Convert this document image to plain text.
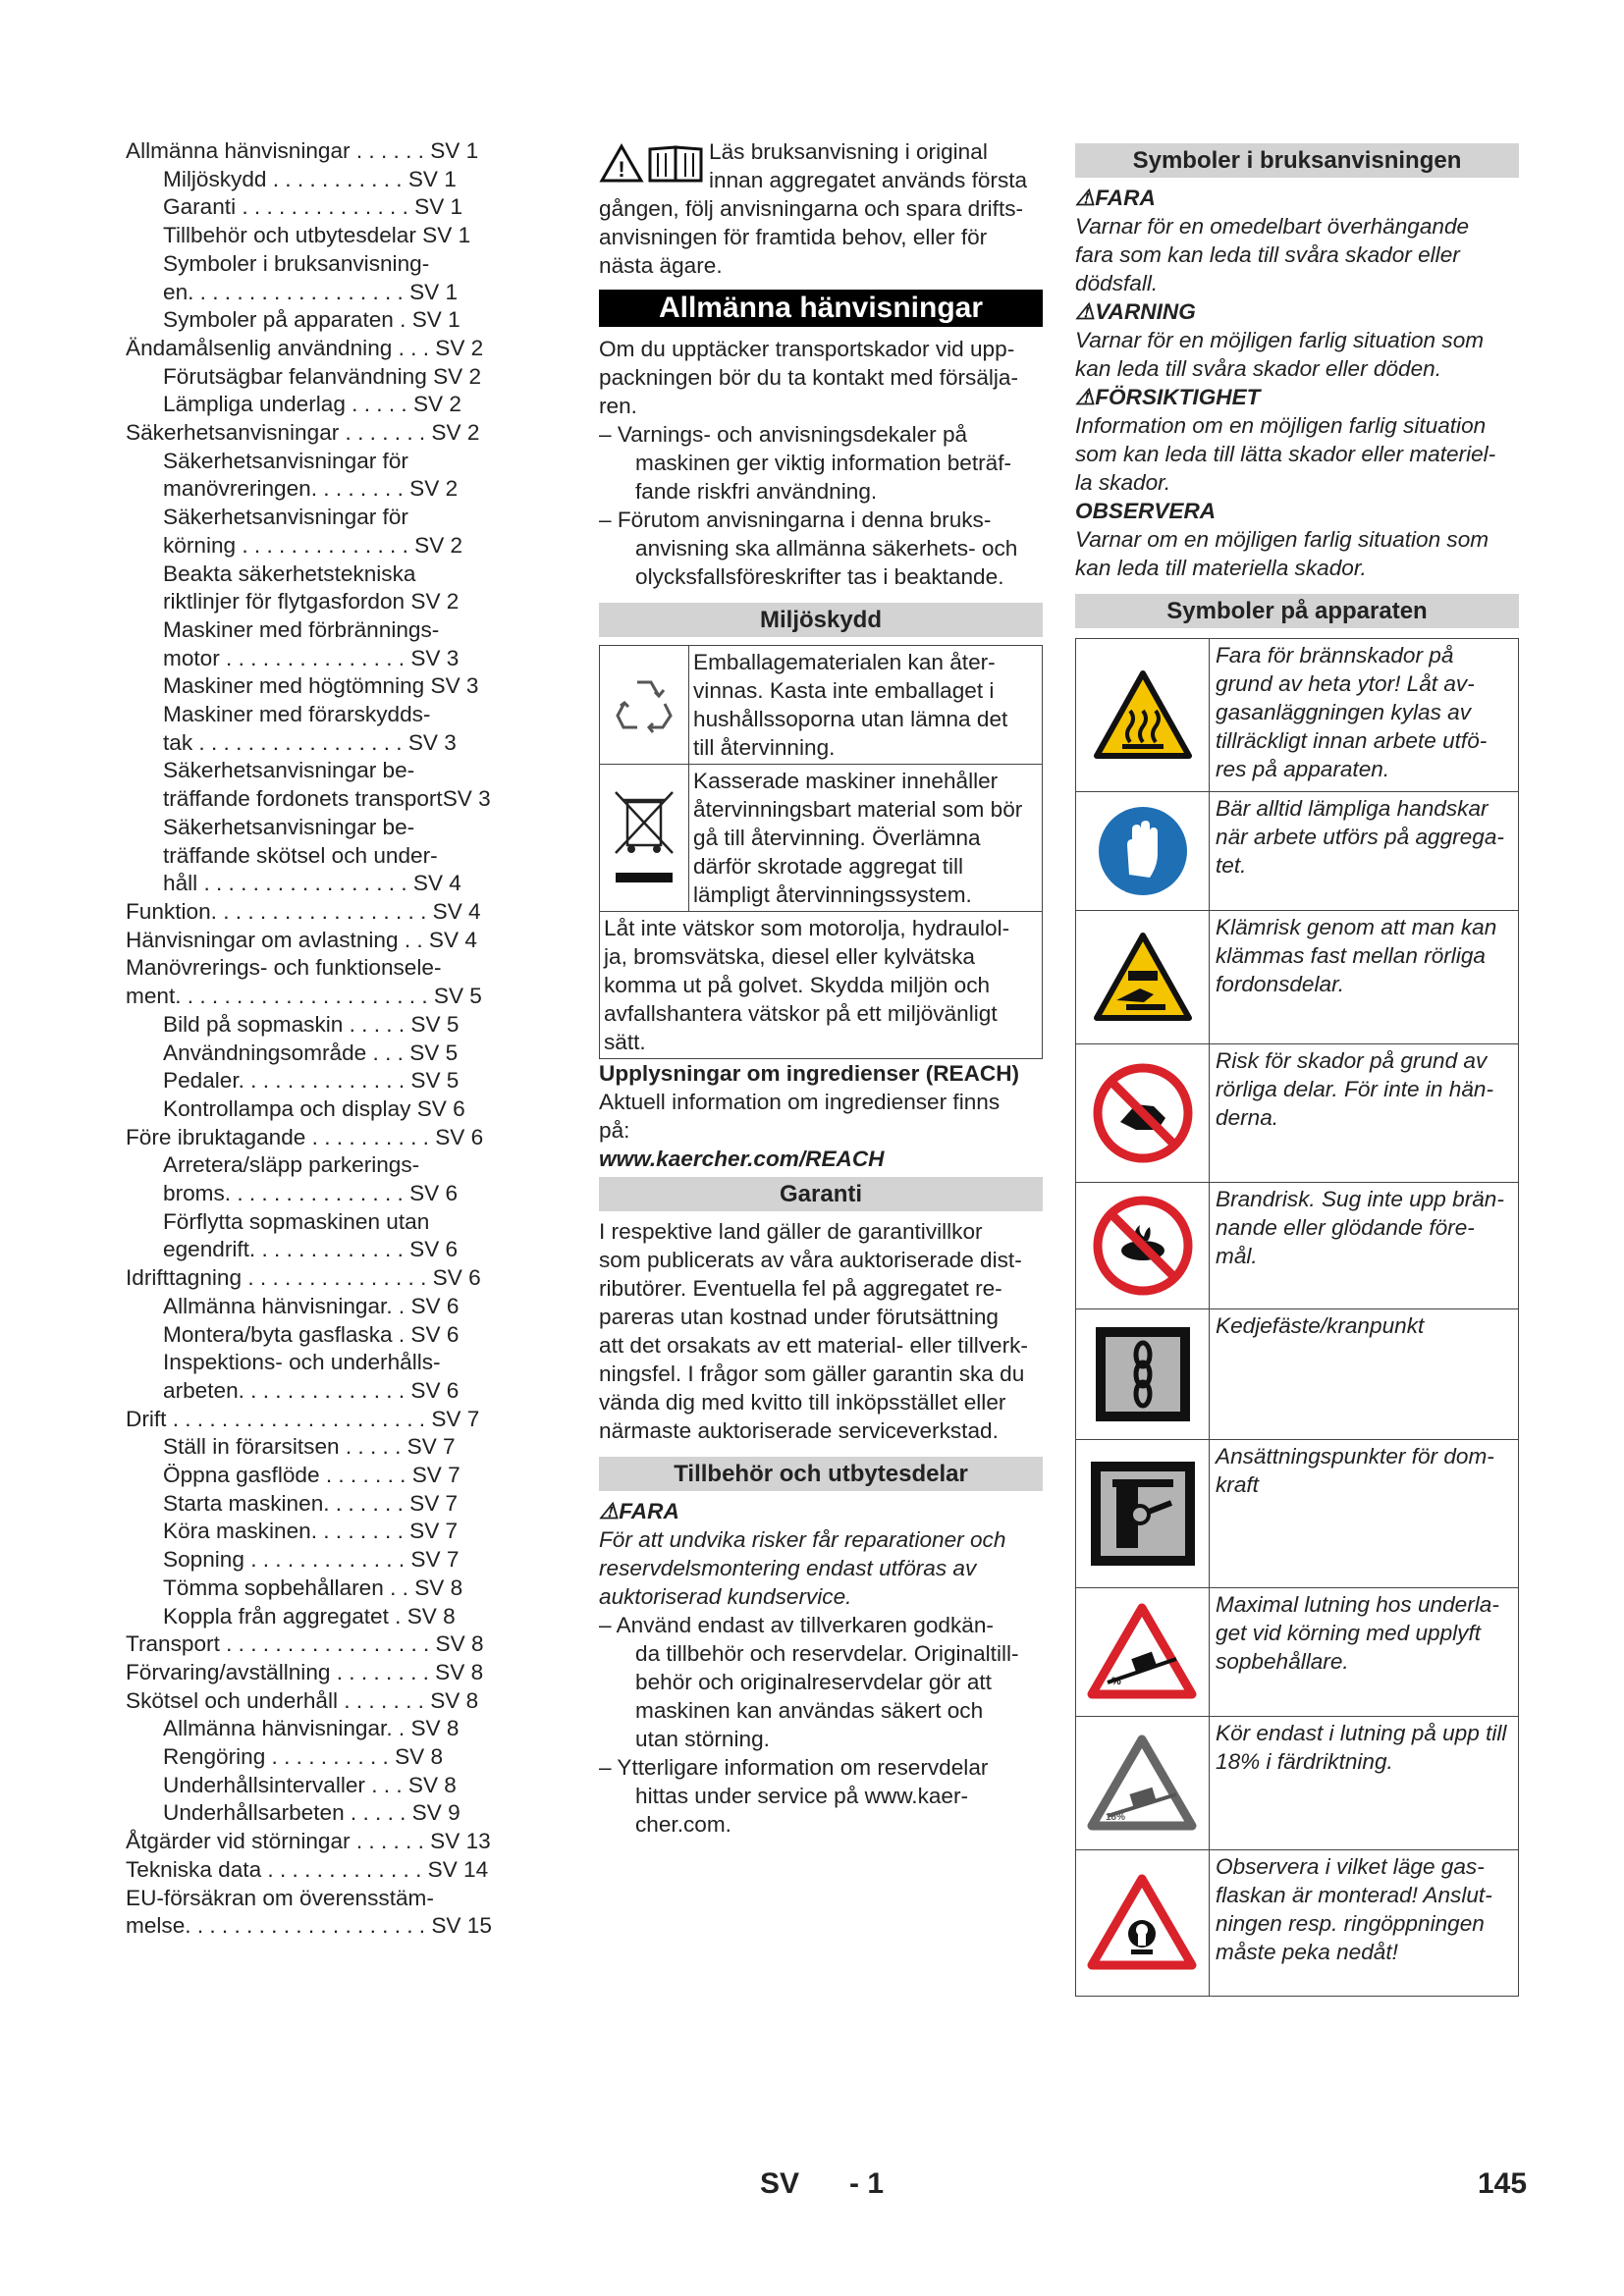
Allmänna hänvisningar . . . . . . SV 1
Miljöskydd . . . . . . . . . . . SV 1
Garanti . . . . . . . . . . . . . . SV 1
Tillbehör och utbytesdelar SV 1
Symboler i bruksanvisning-
en. . . . . . . . . . . . . . . . . . SV 1
Symboler på apparaten . SV 1
Ändamålsenlig användning . . . SV 2
Förutsägbar felanvändning SV 2
Lämpliga underlag . . . . . SV 2
Säkerhetsanvisningar . . . . . . . SV 2
Säkerhetsanvisningar för
manövreringen. . . . . . . . SV 2
Säkerhetsanvisningar för
körning . . . . . . . . . . . . . . SV 2
Beakta säkerhetstekniska
riktlinjer för flytgasfordon SV 2
Maskiner med förbrännings-
motor . . . . . . . . . . . . . . . SV 3
Maskiner med högtömning SV 3
Maskiner med förarskydds-
tak . . . . . . . . . . . . . . . . . SV 3
Säkerhetsanvisningar be-
träffande fordonets transportSV 3
Säkerhetsanvisningar be-
träffande skötsel och under-
håll . . . . . . . . . . . . . . . . . SV 4
Funktion. . . . . . . . . . . . . . . . . . SV 4
Hänvisningar om avlastning . . SV 4
Manövrerings- och funktionsele-
ment. . . . . . . . . . . . . . . . . . . . . SV 5
Bild på sopmaskin . . . . . SV 5
Användningsområde . . . SV 5
Pedaler. . . . . . . . . . . . . . SV 5
Kontrollampa och display SV 6
Före ibruktagande . . . . . . . . . . SV 6
Arretera/släpp parkerings-
broms. . . . . . . . . . . . . . . SV 6
Förflytta sopmaskinen utan
egendrift. . . . . . . . . . . . . SV 6
Idrifttagning . . . . . . . . . . . . . . . SV 6
Allmänna hänvisningar. . SV 6
Montera/byta gasflaska . SV 6
Inspektions- och underhålls-
arbeten. . . . . . . . . . . . . . SV 6
Drift . . . . . . . . . . . . . . . . . . . . . SV 7
Ställ in förarsitsen . . . . . SV 7
Öppna gasflöde . . . . . . . SV 7
Starta maskinen. . . . . . . SV 7
Köra maskinen. . . . . . . . SV 7
Sopning . . . . . . . . . . . . . SV 7
Tömma sopbehållaren . . SV 8
Koppla från aggregatet . SV 8
Transport . . . . . . . . . . . . . . . . . SV 8
Förvaring/avställning . . . . . . . . SV 8
Skötsel och underhåll . . . . . . . SV 8
Allmänna hänvisningar. . SV 8
Rengöring . . . . . . . . . . SV 8
Underhållsintervaller . . . SV 8
Underhållsarbeten . . . . . SV 9
Åtgärder vid störningar . . . . . . SV 13
Tekniska data . . . . . . . . . . . . . SV 14
EU-försäkran om överensstäm-
melse. . . . . . . . . . . . . . . . . . . . SV 15
!
Läs bruksanvisning i original
innan aggregatet används första
gången, följ anvisningarna och spara drifts-
anvisningen för framtida behov, eller för
nästa ägare.
Allmänna hänvisningar
Om du upptäcker transportskador vid upp-
packningen bör du ta kontakt med försälja-
ren.
– Varnings- och anvisningsdekaler på
maskinen ger viktig information beträf-
fande riskfri användning.
– Förutom anvisningarna i denna bruks-
anvisning ska allmänna säkerhets- och
olycksfallsföreskrifter tas i beaktande.
Miljöskydd
Emballagematerialen kan åter-
vinnas. Kasta inte emballaget i
hushållssoporna utan lämna det
till återvinning.
Kasserade maskiner innehåller
återvinningsbart material som bör
gå till återvinning. Överlämna
därför skrotade aggregat till
lämpligt återvinningssystem.
Låt inte vätskor som motorolja, hydraulol-
ja, bromsvätska, diesel eller kylvätska
komma ut på golvet. Skydda miljön och
avfallshantera vätskor på ett miljövänligt
sätt.
Upplysningar om ingredienser (REACH)
Aktuell information om ingredienser finns
på:
www.kaercher.com/REACH
Garanti
I respektive land gäller de garantivillkor
som publicerats av våra auktoriserade dist-
ributörer. Eventuella fel på aggregatet re-
pareras utan kostnad under förutsättning
att det orsakats av ett material- eller tillverk-
ningsfel. I frågor som gäller garantin ska du
vända dig med kvitto till inköpsstället eller
närmaste auktoriserade serviceverkstad.
Tillbehör och utbytesdelar
⚠FARA
För att undvika risker får reparationer och
reservdelsmontering endast utföras av
auktoriserad kundservice.
– Använd endast av tillverkaren godkän-
da tillbehör och reservdelar. Originaltill-
behör och originalreservdelar gör att
maskinen kan användas säkert och
utan störning.
– Ytterligare information om reservdelar
hittas under service på www.kaer-
cher.com.
Symboler i bruksanvisningen
⚠FARA
Varnar för en omedelbart överhängande
fara som kan leda till svåra skador eller
dödsfall.
⚠VARNING
Varnar för en möjligen farlig situation som
kan leda till svåra skador eller döden.
⚠FÖRSIKTIGHET
Information om en möjligen farlig situation
som kan leda till lätta skador eller materiel-
la skador.
OBSERVERA
Varnar om en möjligen farlig situation som
kan leda till materiella skador.
Symboler på apparaten
Fara för brännskador på
grund av heta ytor! Låt av-
gasanläggningen kylas av
tillräckligt innan arbete utfö-
res på apparaten.
Bär alltid lämpliga handskar
när arbete utförs på aggrega-
tet.
Klämrisk genom att man kan
klämmas fast mellan rörliga
fordonsdelar.
Risk för skador på grund av
rörliga delar. För inte in hän-
derna.
Brandrisk. Sug inte upp brän-
nande eller glödande före-
mål.
Kedjefäste/kranpunkt
Ansättningspunkter för dom-
kraft
%
Maximal lutning hos underla-
get vid körning med upplyft
sopbehållare.
18%
Kör endast i lutning på upp till
18% i färdriktning.
Observera i vilket läge gas-
flaskan är monterad! Anslut-
ningen resp. ringöppningen
måste peka nedåt!
SV - 1	145
